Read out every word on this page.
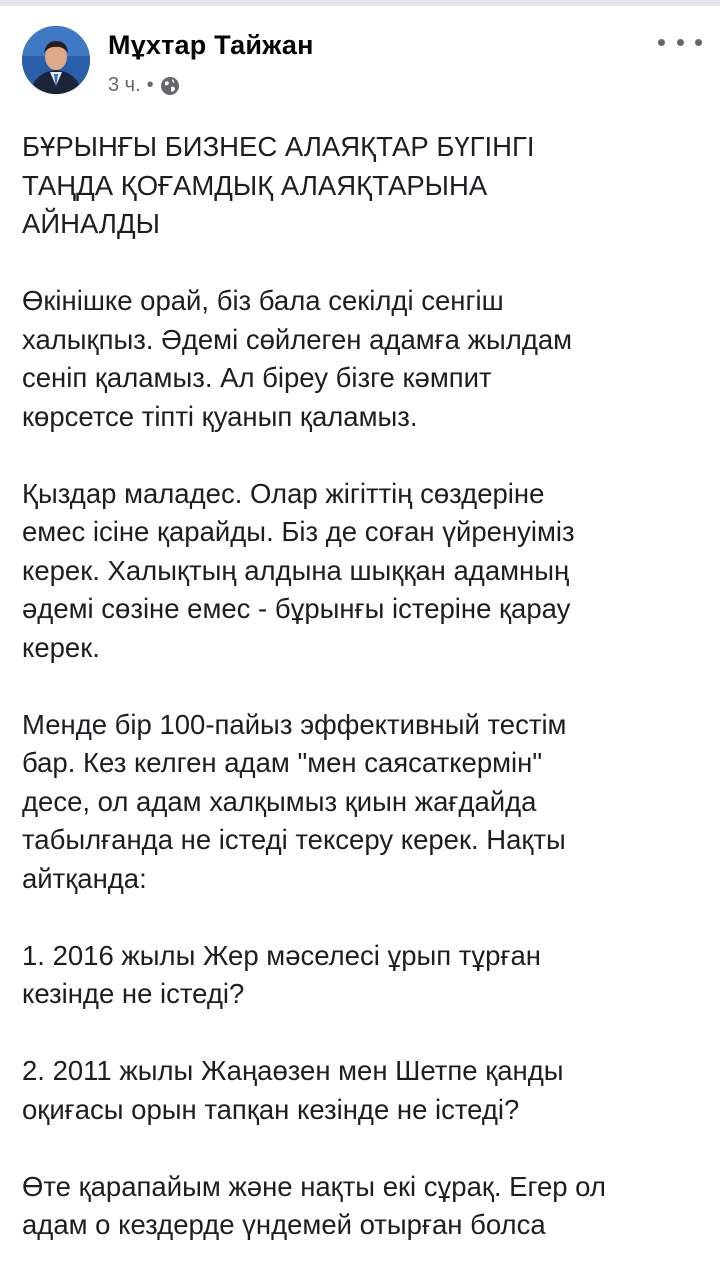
Мұхтар Тайжан
3 ч. •

БҰРЫНҒЫ БИЗНЕС АЛАЯҚТАР БҮГІНГІ
ТАҢДА ҚОҒАМДЫҚ АЛАЯҚТАРЫНА
АЙНАЛДЫ

Өкінішке орай, біз бала секілді сенгіш
халықпыз. Әдемі сөйлеген адамға жылдам
сеніп қаламыз. Ал біреу бізге кәмпит
көрсетсе тіпті қуанып қаламыз.

Қыздар маладес. Олар жігіттің сөздеріне
емес ісіне қарайды. Біз де соған үйренуіміз
керек. Халықтың алдына шыққан адамның
әдемі сөзіне емес - бұрынғы істеріне қарау
керек.

Менде бір 100-пайыз эффективный тестім
бар. Кез келген адам "мен саясаткермін"
десе, ол адам халқымыз қиын жағдайда
табылғанда не істеді тексеру керек. Нақты
айтқанда:

1. 2016 жылы Жер мәселесі ұрып тұрған
кезінде не істеді?

2. 2011 жылы Жаңаөзен мен Шетпе қанды
оқиғасы орын тапқан кезінде не істеді?

Өте қарапайым және нақты екі сұрақ. Егер ол
адам о кездерде үндемей отырған болса
